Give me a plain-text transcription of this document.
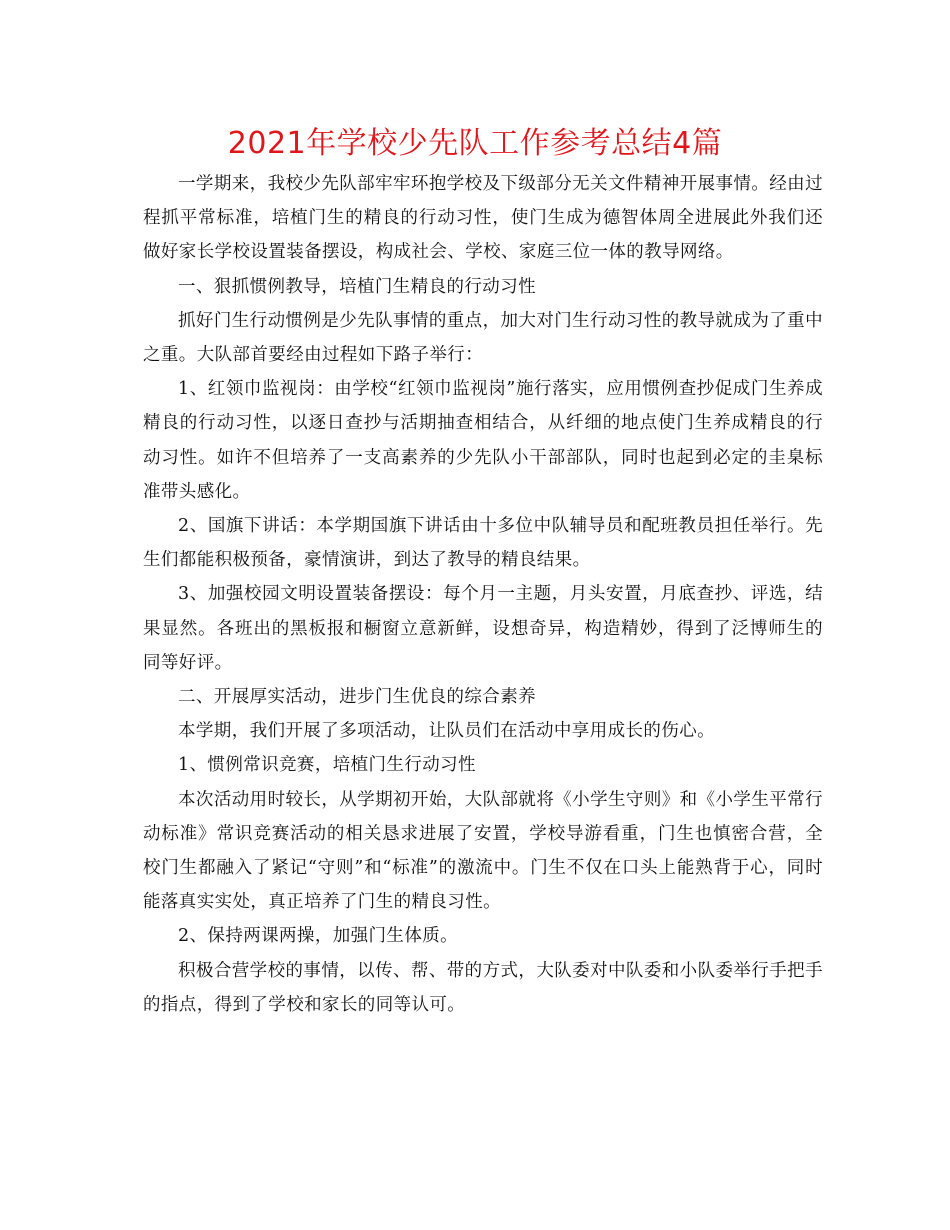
2021年学校少先队工作参考总结4篇

一学期来，我校少先队部牢牢环抱学校及下级部分无关文件精神开展事情。经由过程抓平常标准，培植门生的精良的行动习性，使门生成为德智体周全进展此外我们还做好家长学校设置装备摆设，构成社会、学校、家庭三位一体的教导网络。

一、狠抓惯例教导，培植门生精良的行动习性

抓好门生行动惯例是少先队事情的重点，加大对门生行动习性的教导就成为了重中之重。大队部首要经由过程如下路子举行：

1、红领巾监视岗：由学校“红领巾监视岗”施行落实，应用惯例查抄促成门生养成精良的行动习性，以逐日查抄与活期抽查相结合，从纤细的地点使门生养成精良的行动习性。如许不但培养了一支高素养的少先队小干部部队，同时也起到必定的圭臬标准带头感化。

2、国旗下讲话：本学期国旗下讲话由十多位中队辅导员和配班教员担任举行。先生们都能积极预备，豪情演讲，到达了教导的精良结果。

3、加强校园文明设置装备摆设：每个月一主题，月头安置，月底查抄、评选，结果显然。各班出的黑板报和橱窗立意新鲜，设想奇异，构造精妙，得到了泛博师生的同等好评。

二、开展厚实活动，进步门生优良的综合素养

本学期，我们开展了多项活动，让队员们在活动中享用成长的伤心。

1、惯例常识竞赛，培植门生行动习性

本次活动用时较长，从学期初开始，大队部就将《小学生守则》和《小学生平常行动标准》常识竞赛活动的相关恳求进展了安置，学校导游看重，门生也慎密合营，全校门生都融入了紧记“守则”和“标准”的激流中。门生不仅在口头上能熟背于心，同时能落真实实处，真正培养了门生的精良习性。

2、保持两课两操，加强门生体质。

积极合营学校的事情，以传、帮、带的方式，大队委对中队委和小队委举行手把手的指点，得到了学校和家长的同等认可。
